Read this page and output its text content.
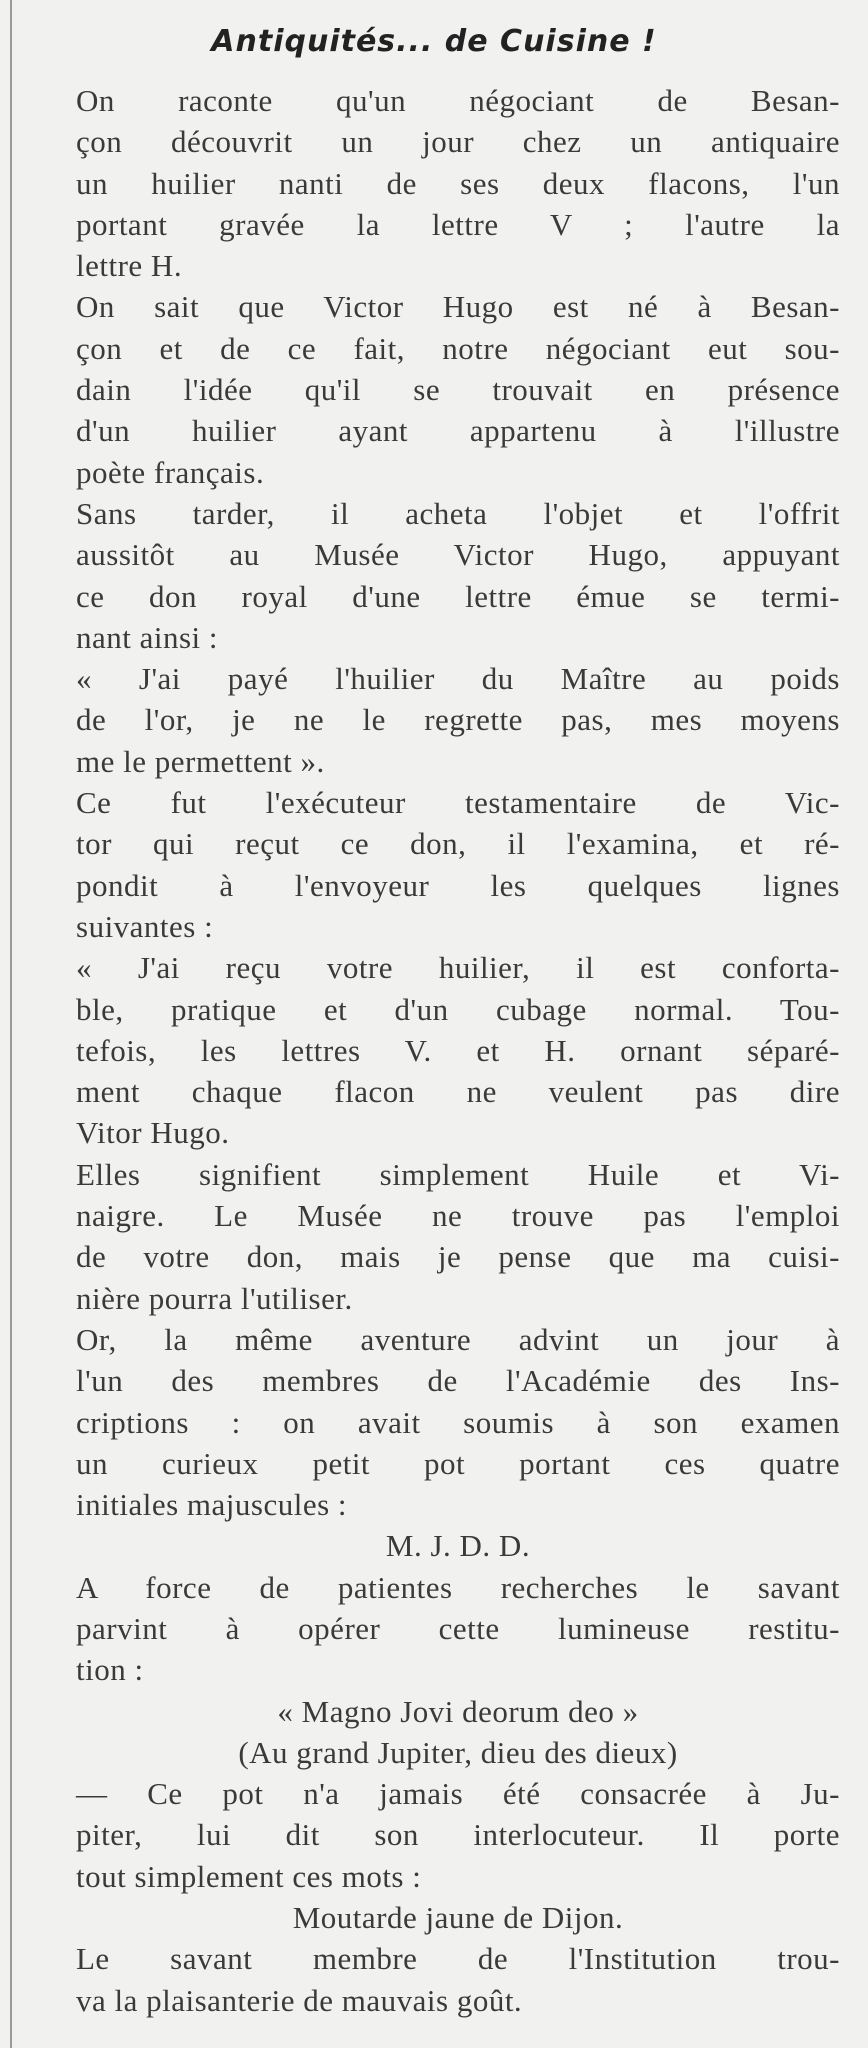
Antiquités... de Cuisine !
On raconte qu'un négociant de Besan-
çon découvrit un jour chez un antiquaire
un huilier nanti de ses deux flacons, l'un
portant gravée la lettre V ; l'autre la
lettre H.
On sait que Victor Hugo est né à Besan-
çon et de ce fait, notre négociant eut sou-
dain l'idée qu'il se trouvait en présence
d'un huilier ayant appartenu à l'illustre
poète français.
Sans tarder, il acheta l'objet et l'offrit
aussitôt au Musée Victor Hugo, appuyant
ce don royal d'une lettre émue se termi-
nant ainsi :
« J'ai payé l'huilier du Maître au poids
de l'or, je ne le regrette pas, mes moyens
me le permettent ».
Ce fut l'exécuteur testamentaire de Vic-
tor qui reçut ce don, il l'examina, et ré-
pondit à l'envoyeur les quelques lignes
suivantes :
« J'ai reçu votre huilier, il est conforta-
ble, pratique et d'un cubage normal. Tou-
tefois, les lettres V. et H. ornant séparé-
ment chaque flacon ne veulent pas dire
Vitor Hugo.
Elles signifient simplement Huile et Vi-
naigre. Le Musée ne trouve pas l'emploi
de votre don, mais je pense que ma cuisi-
nière pourra l'utiliser.
Or, la même aventure advint un jour à
l'un des membres de l'Académie des Ins-
criptions : on avait soumis à son examen
un curieux petit pot portant ces quatre
initiales majuscules :
M. J. D. D.
A force de patientes recherches le savant
parvint à opérer cette lumineuse restitu-
tion :
« Magno Jovi deorum deo »
(Au grand Jupiter, dieu des dieux)
— Ce pot n'a jamais été consacrée à Ju-
piter, lui dit son interlocuteur. Il porte
tout simplement ces mots :
Moutarde jaune de Dijon.
Le savant membre de l'Institution trou-
va la plaisanterie de mauvais goût.
